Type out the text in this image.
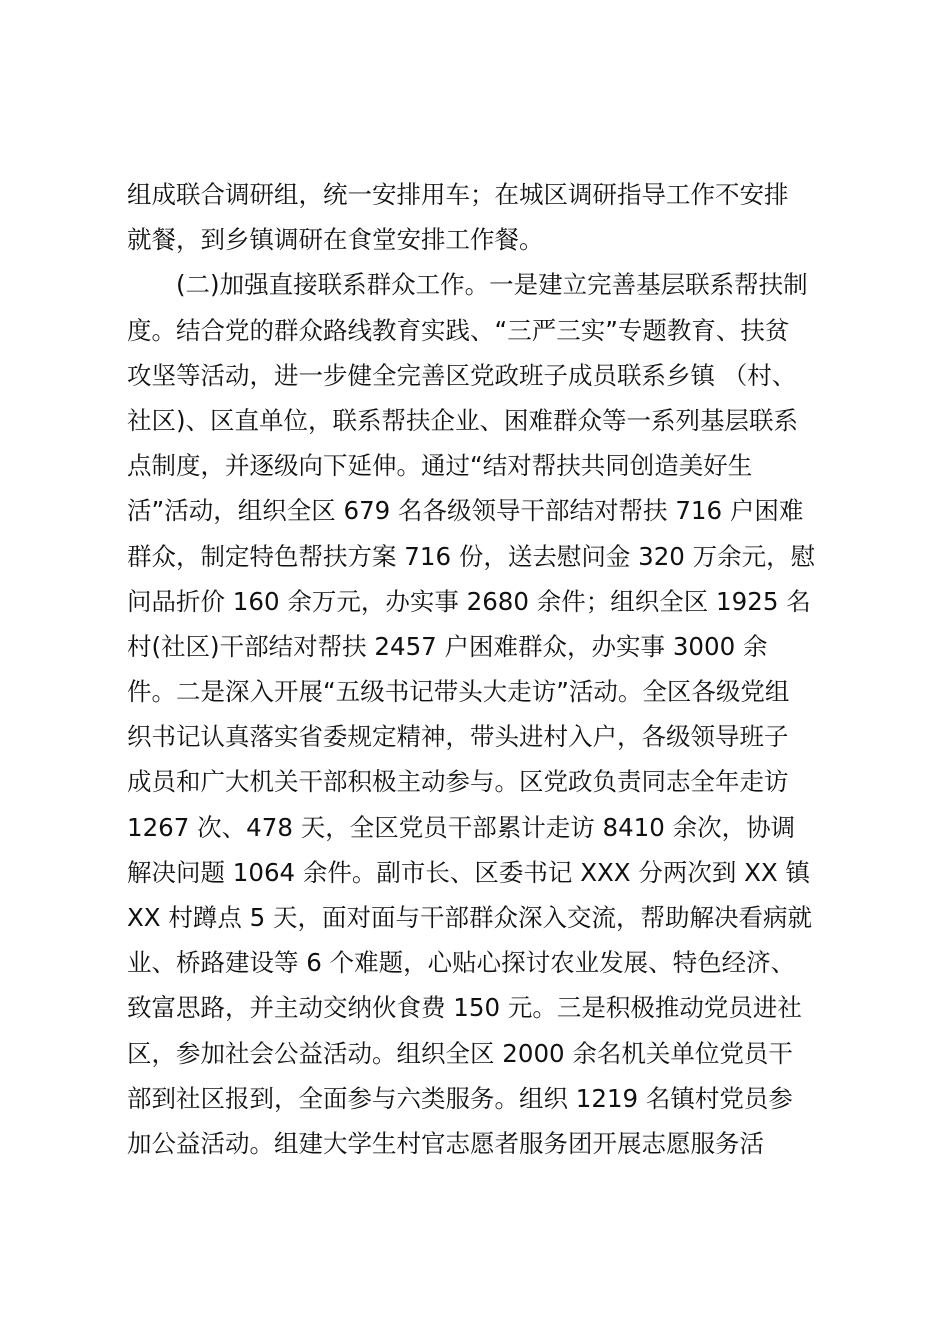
组成联合调研组，统一安排用车；在城区调研指导工作不安排
就餐，到乡镇调研在食堂安排工作餐。
　　(二)加强直接联系群众工作。一是建立完善基层联系帮扶制
度。结合党的群众路线教育实践、“三严三实”专题教育、扶贫
攻坚等活动，进一步健全完善区党政班子成员联系乡镇 （村、
社区)、区直单位，联系帮扶企业、困难群众等一系列基层联系
点制度，并逐级向下延伸。通过“结对帮扶共同创造美好生
活”活动，组织全区 679 名各级领导干部结对帮扶 716 户困难
群众，制定特色帮扶方案 716 份，送去慰问金 320 万余元，慰
问品折价 160 余万元，办实事 2680 余件；组织全区 1925 名
村(社区)干部结对帮扶 2457 户困难群众，办实事 3000 余
件。二是深入开展“五级书记带头大走访”活动。全区各级党组
织书记认真落实省委规定精神，带头进村入户，各级领导班子
成员和广大机关干部积极主动参与。区党政负责同志全年走访
1267 次、478 天，全区党员干部累计走访 8410 余次，协调
解决问题 1064 余件。副市长、区委书记 XXX 分两次到 XX 镇
XX 村蹲点 5 天，面对面与干部群众深入交流，帮助解决看病就
业、桥路建设等 6 个难题，心贴心探讨农业发展、特色经济、
致富思路，并主动交纳伙食费 150 元。三是积极推动党员进社
区，参加社会公益活动。组织全区 2000 余名机关单位党员干
部到社区报到，全面参与六类服务。组织 1219 名镇村党员参
加公益活动。组建大学生村官志愿者服务团开展志愿服务活
